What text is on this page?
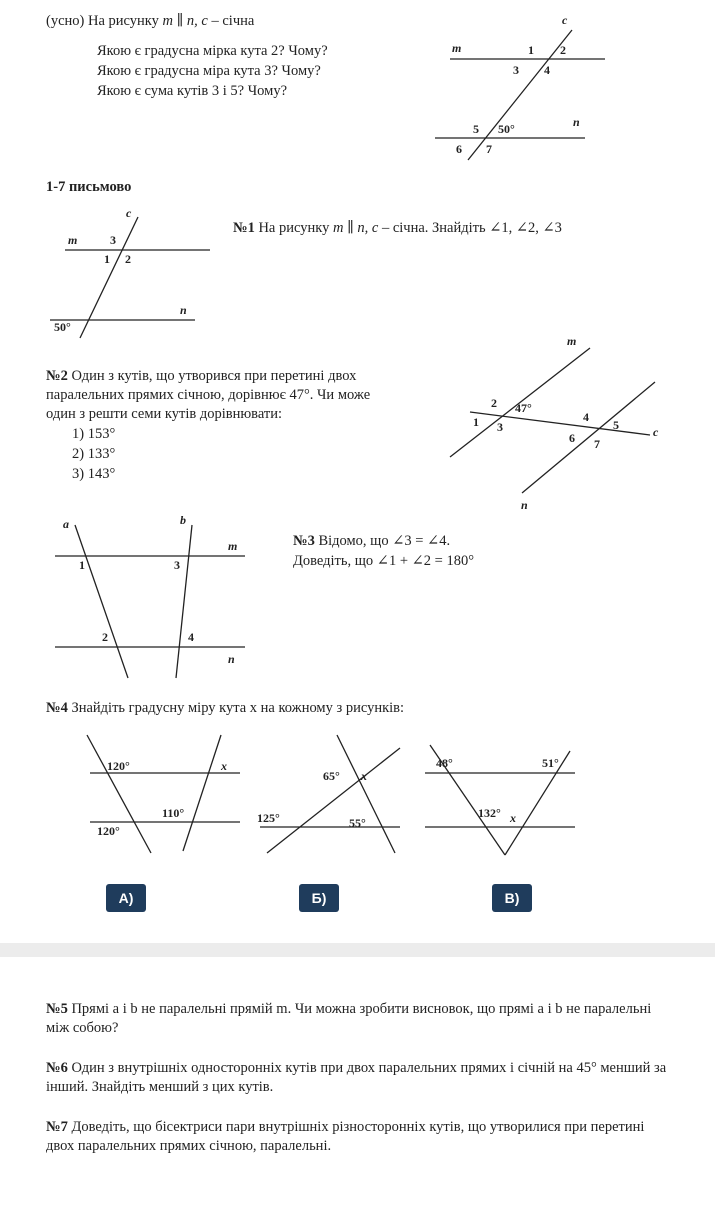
(усно) На рисунку m ∥ n, c – січна
Якою є градусна мірка кута 2? Чому?
Якою є градусна міра кута 3? Чому?
Якою є сума кутів 3 і 5? Чому?
c
m
n
1 2
3 4
5
6 7
50°
1-7 письмово
c
m
n
3
1 2
50°
№1 На рисунку m ∥ n, c – січна. Знайдіть ∠1, ∠2, ∠3
№2 Один з кутів, що утворився при перетині двох
паралельних прямих січною, дорівнює 47°. Чи може
один з решти семи кутів дорівнювати:
1) 153°
2) 133°
3) 143°
m
n
c
2 47°
1 3
4
5
6 7
a	b
m
n
1	3
2	4
№3 Відомо, що ∠3 = ∠4.
Доведіть, що ∠1 + ∠2 = 180°
№4 Знайдіть градусну міру кута x на кожному з рисунків:
120°	x
110°
120°
65° x
125°	55°
48°	51°
132° x
А)	Б)	В)
№5 Прямі a і b не паралельні прямій m. Чи можна зробити висновок, що прямі a і b не паралельні між собою?
№6 Один з внутрішніх односторонніх кутів при двох паралельних прямих і січній на 45° менший за інший. Знайдіть менший з цих кутів.
№7 Доведіть, що бісектриси пари внутрішніх різносторонніх кутів, що утворилися при перетині двох паралельних прямих січною, паралельні.
